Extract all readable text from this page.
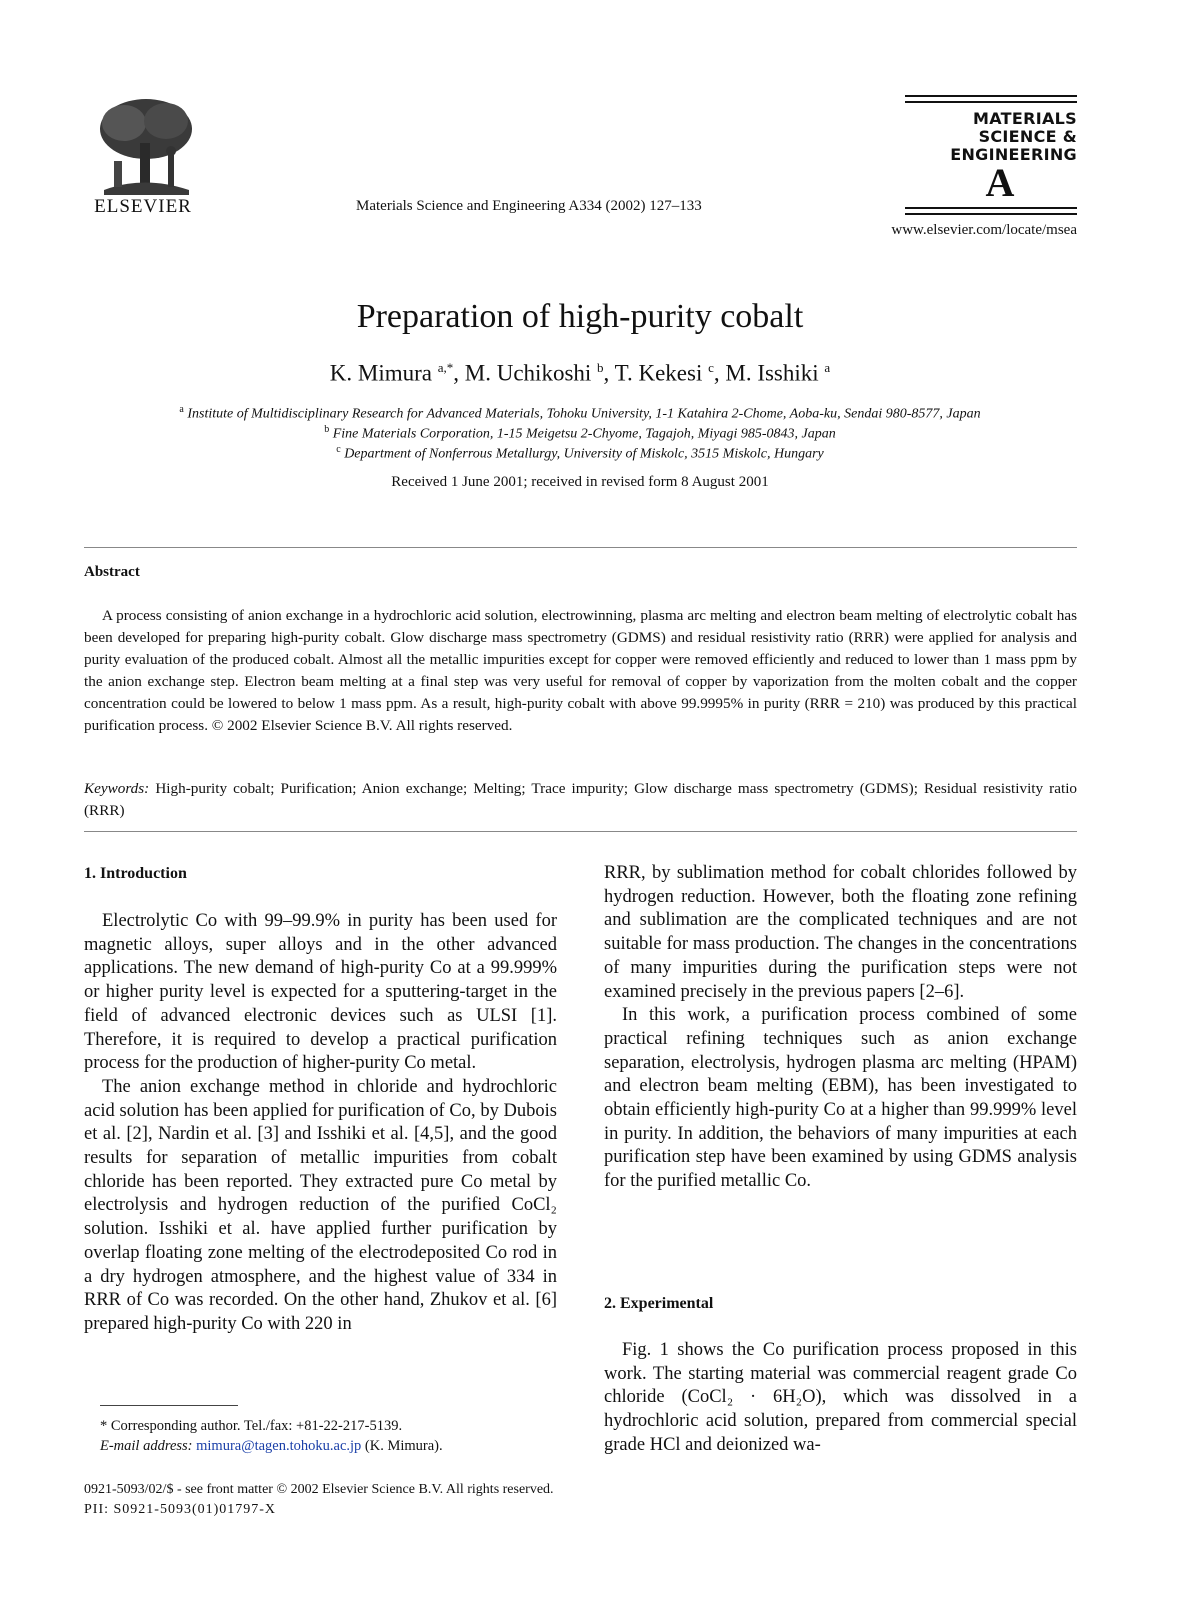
ELSEVIER	Materials Science and Engineering A334 (2002) 127–133
MATERIALS
SCIENCE &
ENGINEERING
A
www.elsevier.com/locate/msea
Preparation of high-purity cobalt
K. Mimura $^{a,*}$, M. Uchikoshi $^b$, T. Kekesi $^c$, M. Isshiki $^a$
$^a$ Institute of Multidisciplinary Research for Advanced Materials, Tohoku University, 1-1 Katahira 2-Chome, Aoba-ku, Sendai 980-8577, Japan
$^b$ Fine Materials Corporation, 1-15 Meigetsu 2-Chyome, Tagajoh, Miyagi 985-0843, Japan
$^c$ Department of Nonferrous Metallurgy, University of Miskolc, 3515 Miskolc, Hungary
Received 1 June 2001; received in revised form 8 August 2001
Abstract
A process consisting of anion exchange in a hydrochloric acid solution, electrowinning, plasma arc melting and electron beam melting of electrolytic cobalt has been developed for preparing high-purity cobalt. Glow discharge mass spectrometry (GDMS) and residual resistivity ratio (RRR) were applied for analysis and purity evaluation of the produced cobalt. Almost all the metallic impurities except for copper were removed efficiently and reduced to lower than 1 mass ppm by the anion exchange step. Electron beam melting at a final step was very useful for removal of copper by vaporization from the molten cobalt and the copper concentration could be lowered to below 1 mass ppm. As a result, high-purity cobalt with above 99.9995% in purity (RRR = 210) was produced by this practical purification process. © 2002 Elsevier Science B.V. All rights reserved.
Keywords: High-purity cobalt; Purification; Anion exchange; Melting; Trace impurity; Glow discharge mass spectrometry (GDMS); Residual resistivity ratio (RRR)
1. Introduction

Electrolytic Co with 99–99.9% in purity has been used for magnetic alloys, super alloys and in the other advanced applications. The new demand of high-purity Co at a 99.999% or higher purity level is expected for a sputtering-target in the field of advanced electronic devices such as ULSI [1]. Therefore, it is required to develop a practical purification process for the production of higher-purity Co metal.

The anion exchange method in chloride and hydrochloric acid solution has been applied for purification of Co, by Dubois et al. [2], Nardin et al. [3] and Isshiki et al. [4,5], and the good results for separation of metallic impurities from cobalt chloride has been reported. They extracted pure Co metal by electrolysis and hydrogen reduction of the purified CoCl₂ solution. Isshiki et al. have applied further purification by overlap floating zone melting of the electrodeposited Co rod in a dry hydrogen atmosphere, and the highest value of 334 in RRR of Co was recorded. On the other hand, Zhukov et al. [6] prepared high-purity Co with 220 in

RRR, by sublimation method for cobalt chlorides followed by hydrogen reduction. However, both the floating zone refining and sublimation are the complicated techniques and are not suitable for mass production. The changes in the concentrations of many impurities during the purification steps were not examined precisely in the previous papers [2–6].

In this work, a purification process combined of some practical refining techniques such as anion exchange separation, electrolysis, hydrogen plasma arc melting (HPAM) and electron beam melting (EBM), has been investigated to obtain efficiently high-purity Co at a higher than 99.999% level in purity. In addition, the behaviors of many impurities at each purification step have been examined by using GDMS analysis for the purified metallic Co.

2. Experimental

Fig. 1 shows the Co purification process proposed in this work. The starting material was commercial reagent grade Co chloride (CoCl₂ · 6H₂O), which was dissolved in a hydrochloric acid solution, prepared from commercial special grade HCl and deionized wa-

* Corresponding author. Tel./fax: +81-22-217-5139.
E-mail address: mimura@tagen.tohoku.ac.jp (K. Mimura).
0921-5093/02/$ - see front matter © 2002 Elsevier Science B.V. All rights reserved.
PII: S0921-5093(01)01797-X
